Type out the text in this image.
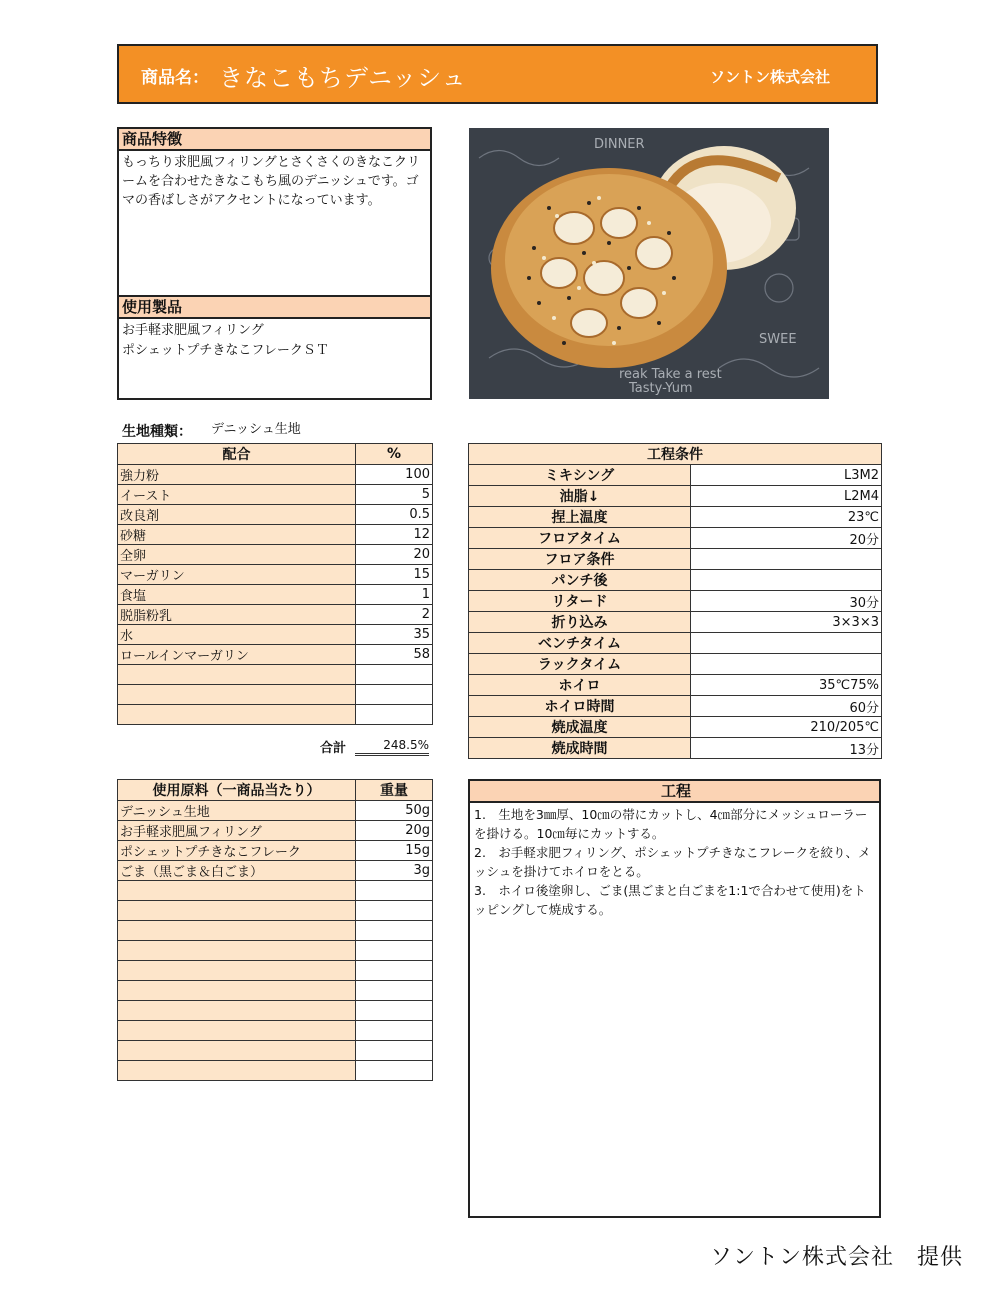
商品名： きなこもちデニッシュ	ソントン株式会社
商品特徴
もっちり求肥風フィリングとさくさくのきなこクリームを合わせたきなこもち風のデニッシュです。ゴマの香ばしさがアクセントになっています。
使用製品
お手軽求肥風フィリング
ポシェットプチきなこフレークＳＴ
DINNER
reak Take a rest
Tasty-Yum
SWEE
生地種類： デニッシュ生地
配合	%
強力粉	100
イースト	5
改良剤	0.5
砂糖	12
全卵	20
マーガリン	15
食塩	1
脱脂粉乳	2
水	35
ロールインマーガリン	58

合計	248.5%
工程条件	
ミキシング	L3M2
油脂↓	L2M4
捏上温度	23℃
フロアタイム	20分
フロア条件	
パンチ後	
リタード	30分
折り込み	3×3×3
ベンチタイム	
ラックタイム	
ホイロ	35℃75%
ホイロ時間	60分
焼成温度	210/205℃
焼成時間	13分
使用原料（一商品当たり）	重量
デニッシュ生地	50g
お手軽求肥風フィリング	20g
ポシェットプチきなこフレーク	15g
ごま（黒ごま＆白ごま）	3g

工程
1.　生地を3㎜厚、10㎝の帯にカットし、4㎝部分にメッシュローラーを掛ける。10㎝毎にカットする。
2.　お手軽求肥フィリング、ポシェットプチきなこフレークを絞り、メッシュを掛けてホイロをとる。
3.　ホイロ後塗卵し、ごま(黒ごまと白ごまを1:1で合わせて使用)をトッピングして焼成する。
ソントン株式会社　提供
